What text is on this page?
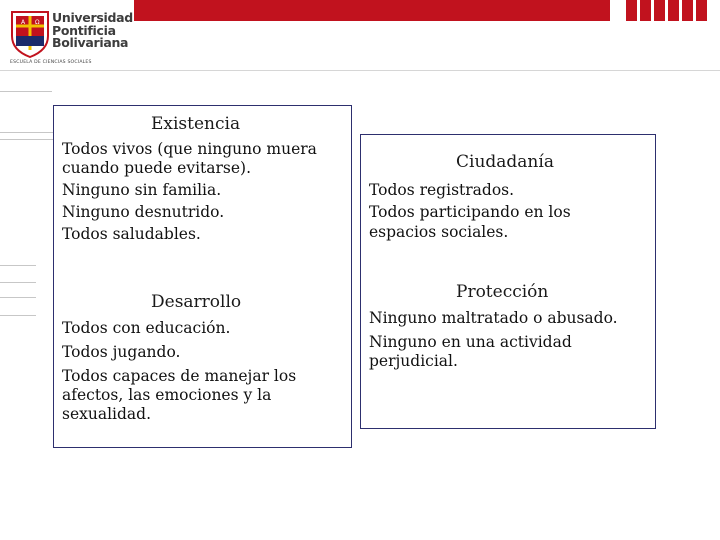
A Ω Universidad
Pontificia
Bolivariana
ESCUELA DE CIENCIAS SOCIALES
Existencia
Todos vivos (que ninguno muera
cuando puede evitarse).
Ninguno sin familia.
Ninguno desnutrido.
Todos saludables.
Desarrollo
Todos con educación.
Todos jugando.
Todos capaces de manejar los
afectos, las emociones y la
sexualidad.
Ciudadanía
Todos registrados.
Todos participando en los
espacios sociales.
Protección
Ninguno maltratado o abusado.
Ninguno en una actividad
perjudicial.
